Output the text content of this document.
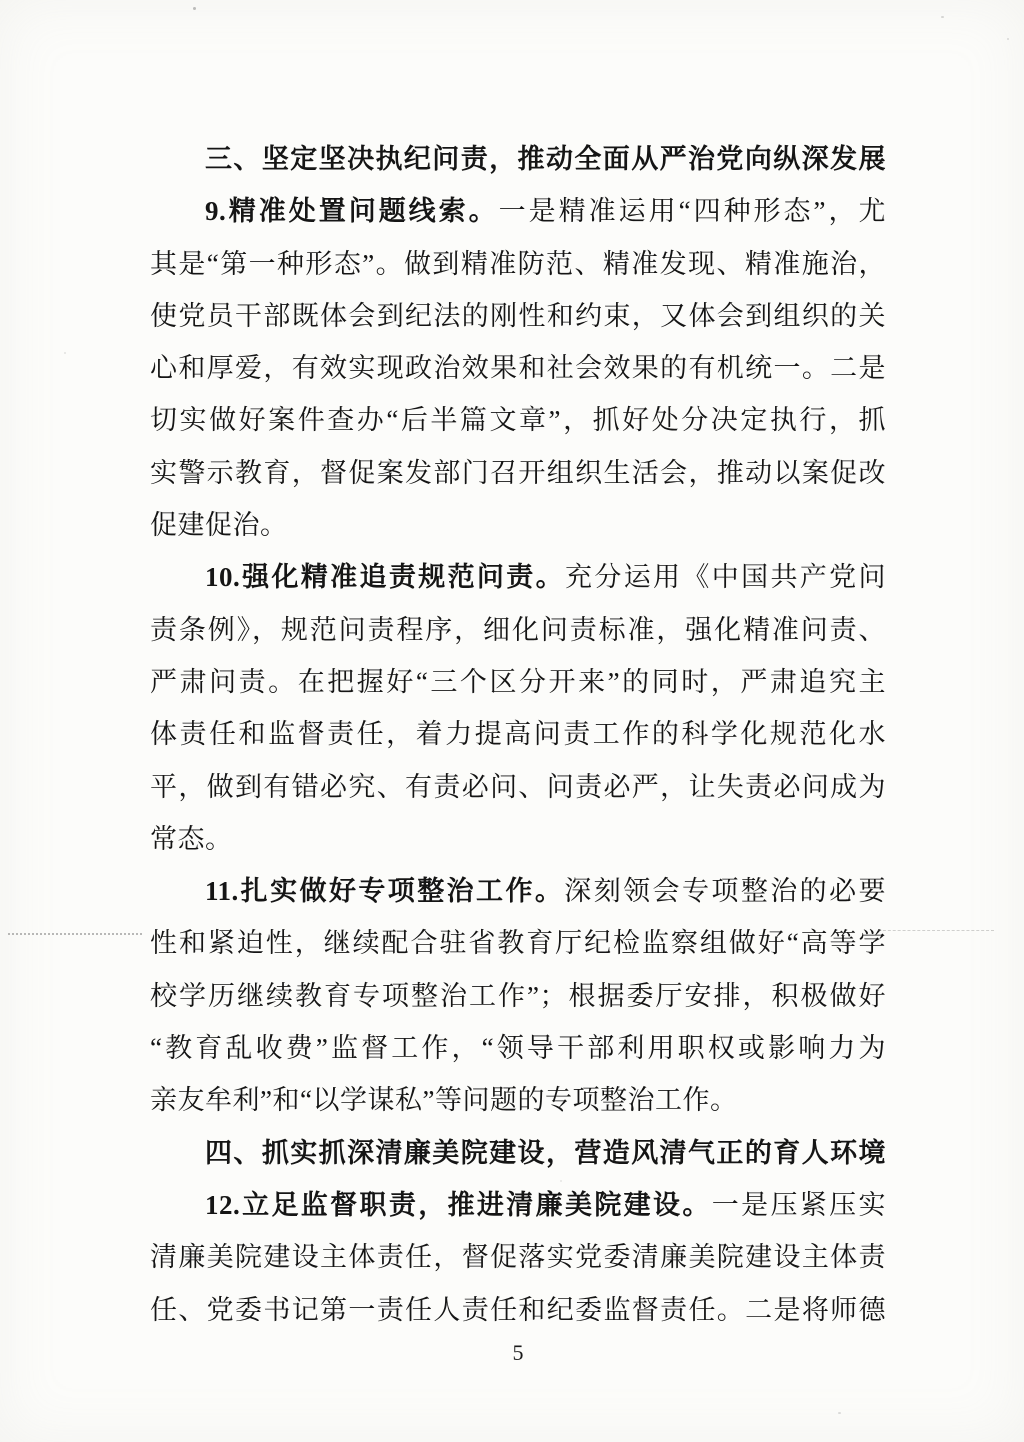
三、坚定坚决执纪问责，推动全面从严治党向纵深发展
9.精准处置问题线索。一是精准运用“四种形态”，尤
其是“第一种形态”。做到精准防范、精准发现、精准施治，
使党员干部既体会到纪法的刚性和约束，又体会到组织的关
心和厚爱，有效实现政治效果和社会效果的有机统一。二是
切实做好案件查办“后半篇文章”，抓好处分决定执行，抓
实警示教育，督促案发部门召开组织生活会，推动以案促改
促建促治。
10.强化精准追责规范问责。充分运用《中国共产党问
责条例》，规范问责程序，细化问责标准，强化精准问责、
严肃问责。在把握好“三个区分开来”的同时，严肃追究主
体责任和监督责任，着力提高问责工作的科学化规范化水
平，做到有错必究、有责必问、问责必严，让失责必问成为
常态。
11.扎实做好专项整治工作。深刻领会专项整治的必要
性和紧迫性，继续配合驻省教育厅纪检监察组做好“高等学
校学历继续教育专项整治工作”；根据委厅安排，积极做好
“教育乱收费”监督工作，“领导干部利用职权或影响力为
亲友牟利”和“以学谋私”等问题的专项整治工作。
四、抓实抓深清廉美院建设，营造风清气正的育人环境
12.立足监督职责，推进清廉美院建设。一是压紧压实
清廉美院建设主体责任，督促落实党委清廉美院建设主体责
任、党委书记第一责任人责任和纪委监督责任。二是将师德
5
